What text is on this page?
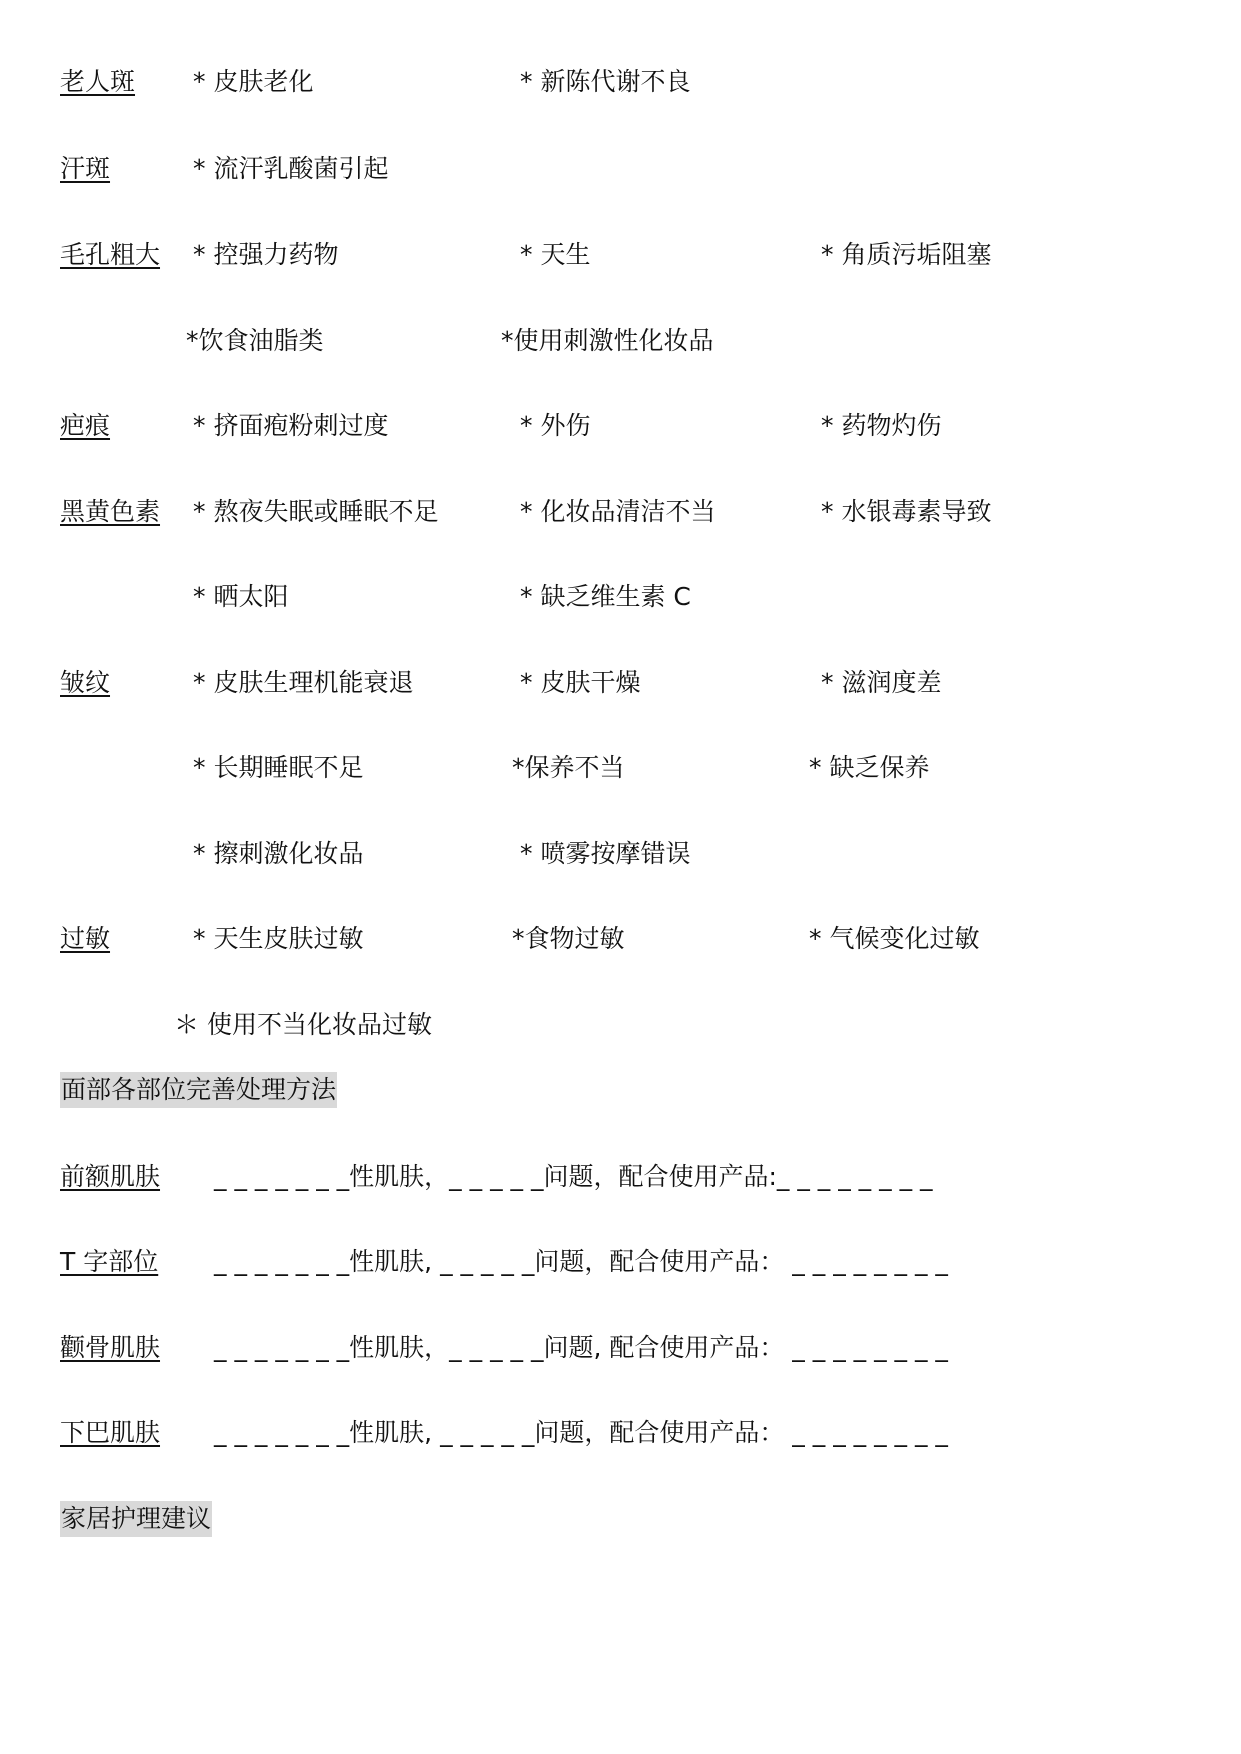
老人斑 * 皮肤老化	* 新陈代谢不良
汗斑	* 流汗乳酸菌引起
毛孔粗大 * 控强力药物	* 天生	* 角质污垢阻塞
*饮食油脂类	*使用刺激性化妆品
疤痕	* 挤面疱粉刺过度	* 外伤	* 药物灼伤
黑黄色素 * 熬夜失眠或睡眠不足	* 化妆品清洁不当	* 水银毒素导致
* 晒太阳	* 缺乏维生素 C
皱纹	* 皮肤生理机能衰退	* 皮肤干燥	* 滋润度差
* 长期睡眠不足	*保养不当	* 缺乏保养
* 擦刺激化妆品	* 喷雾按摩错误
过敏	* 天生皮肤过敏	*食物过敏	* 气候变化过敏
＊ 使用不当化妆品过敏
面部各部位完善处理方法
前额肌肤 _ _ _ _ _ _ _性肌肤，_ _ _ _ _问题，配合使用产品:_ _ _ _ _ _ _ _
T 字部位 _ _ _ _ _ _ _性肌肤, _ _ _ _ _问题，配合使用产品： _ _ _ _ _ _ _ _
颧骨肌肤 _ _ _ _ _ _ _性肌肤，_ _ _ _ _问题, 配合使用产品： _ _ _ _ _ _ _ _
下巴肌肤 _ _ _ _ _ _ _性肌肤, _ _ _ _ _问题，配合使用产品： _ _ _ _ _ _ _ _
家居护理建议
